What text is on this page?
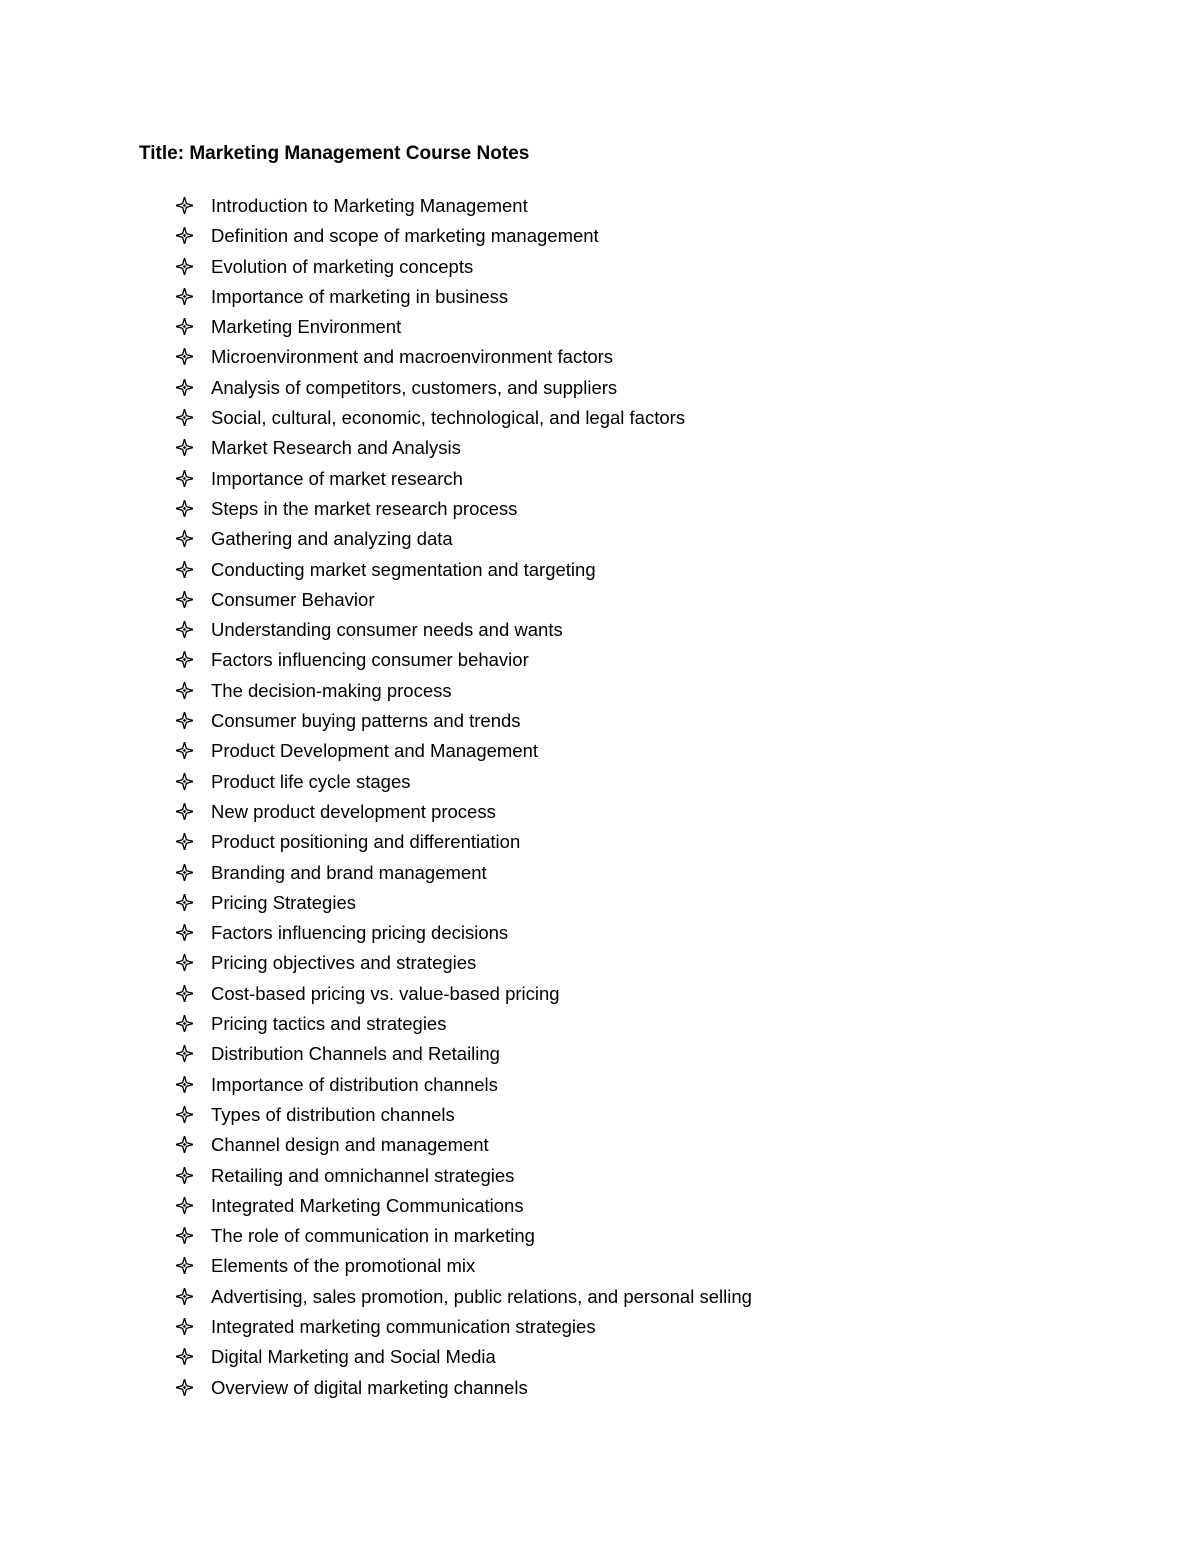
Title: Marketing Management Course Notes
Introduction to Marketing Management
Definition and scope of marketing management
Evolution of marketing concepts
Importance of marketing in business
Marketing Environment
Microenvironment and macroenvironment factors
Analysis of competitors, customers, and suppliers
Social, cultural, economic, technological, and legal factors
Market Research and Analysis
Importance of market research
Steps in the market research process
Gathering and analyzing data
Conducting market segmentation and targeting
Consumer Behavior
Understanding consumer needs and wants
Factors influencing consumer behavior
The decision-making process
Consumer buying patterns and trends
Product Development and Management
Product life cycle stages
New product development process
Product positioning and differentiation
Branding and brand management
Pricing Strategies
Factors influencing pricing decisions
Pricing objectives and strategies
Cost-based pricing vs. value-based pricing
Pricing tactics and strategies
Distribution Channels and Retailing
Importance of distribution channels
Types of distribution channels
Channel design and management
Retailing and omnichannel strategies
Integrated Marketing Communications
The role of communication in marketing
Elements of the promotional mix
Advertising, sales promotion, public relations, and personal selling
Integrated marketing communication strategies
Digital Marketing and Social Media
Overview of digital marketing channels
